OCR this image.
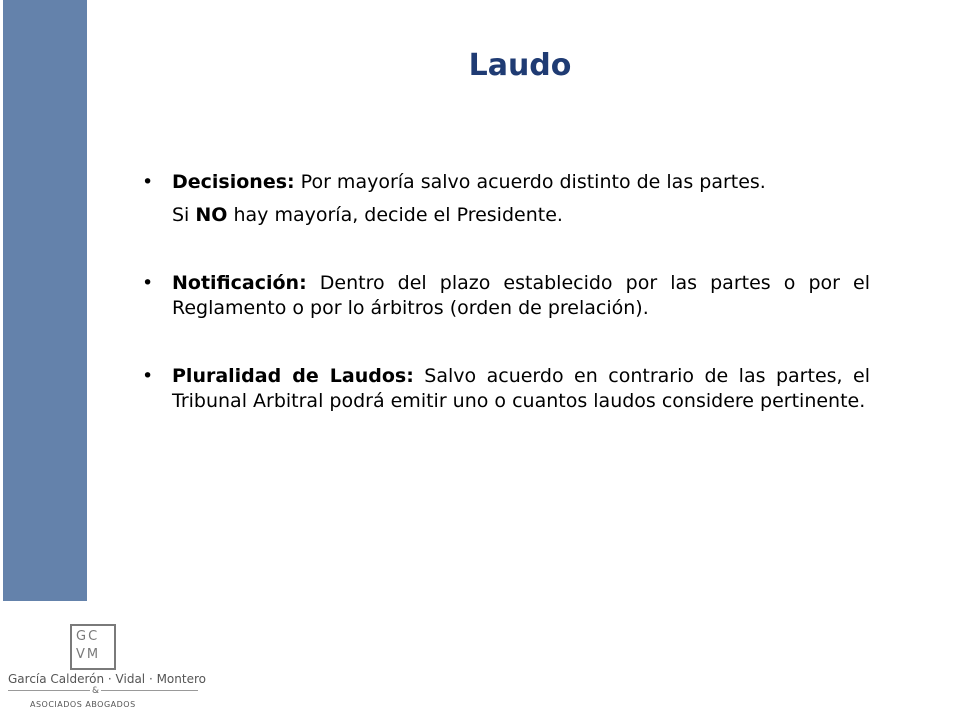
Laudo
• Decisiones: Por mayoría salvo acuerdo distinto de las partes.

Si NO hay mayoría, decide el Presidente.

• Notificación: Dentro del plazo establecido por las partes o por el Reglamento o por lo árbitros (orden de prelación).
• Pluralidad de Laudos: Salvo acuerdo en contrario de las partes, el Tribunal Arbitral podrá emitir uno o cuantos laudos considere pertinente.
GC
VM
García Calderón · Vidal · Montero
&
ASOCIADOS ABOGADOS
